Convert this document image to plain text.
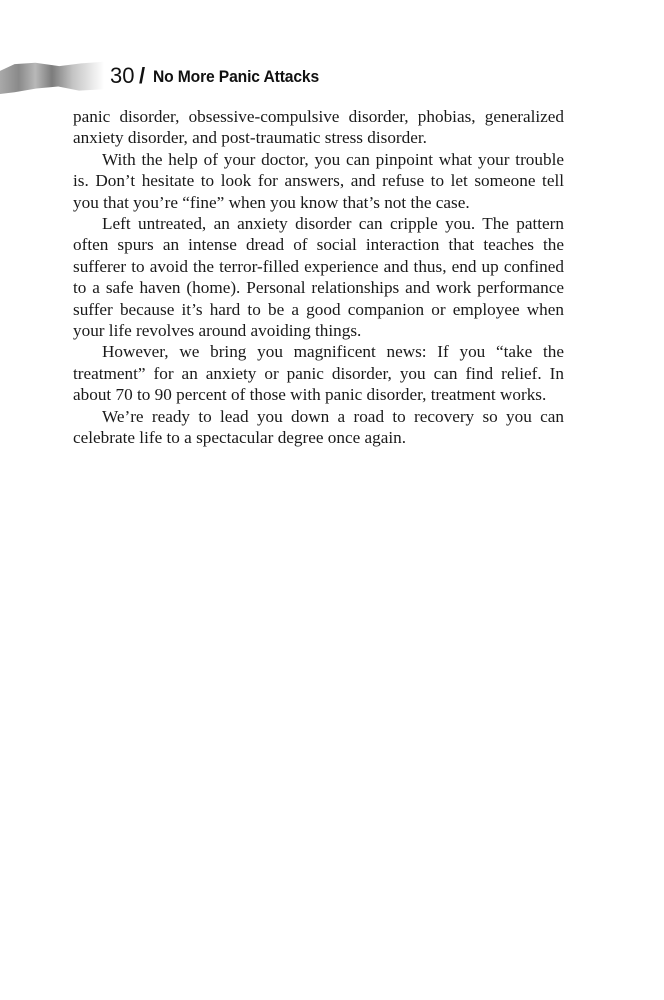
30 / No More Panic Attacks

panic disorder, obsessive-compulsive disorder, phobias, generalized anxiety disorder, and post-traumatic stress disorder.

With the help of your doctor, you can pinpoint what your trouble is. Don’t hesitate to look for answers, and refuse to let someone tell you that you’re “fine” when you know that’s not the case.

Left untreated, an anxiety disorder can cripple you. The pattern often spurs an intense dread of social interaction that teaches the sufferer to avoid the terror-filled experience and thus, end up confined to a safe haven (home). Personal relationships and work performance suffer because it’s hard to be a good companion or employee when your life revolves around avoiding things.

However, we bring you magnificent news: If you “take the treatment” for an anxiety or panic disorder, you can find relief. In about 70 to 90 percent of those with panic disorder, treatment works.

We’re ready to lead you down a road to recovery so you can celebrate life to a spectacular degree once again.
